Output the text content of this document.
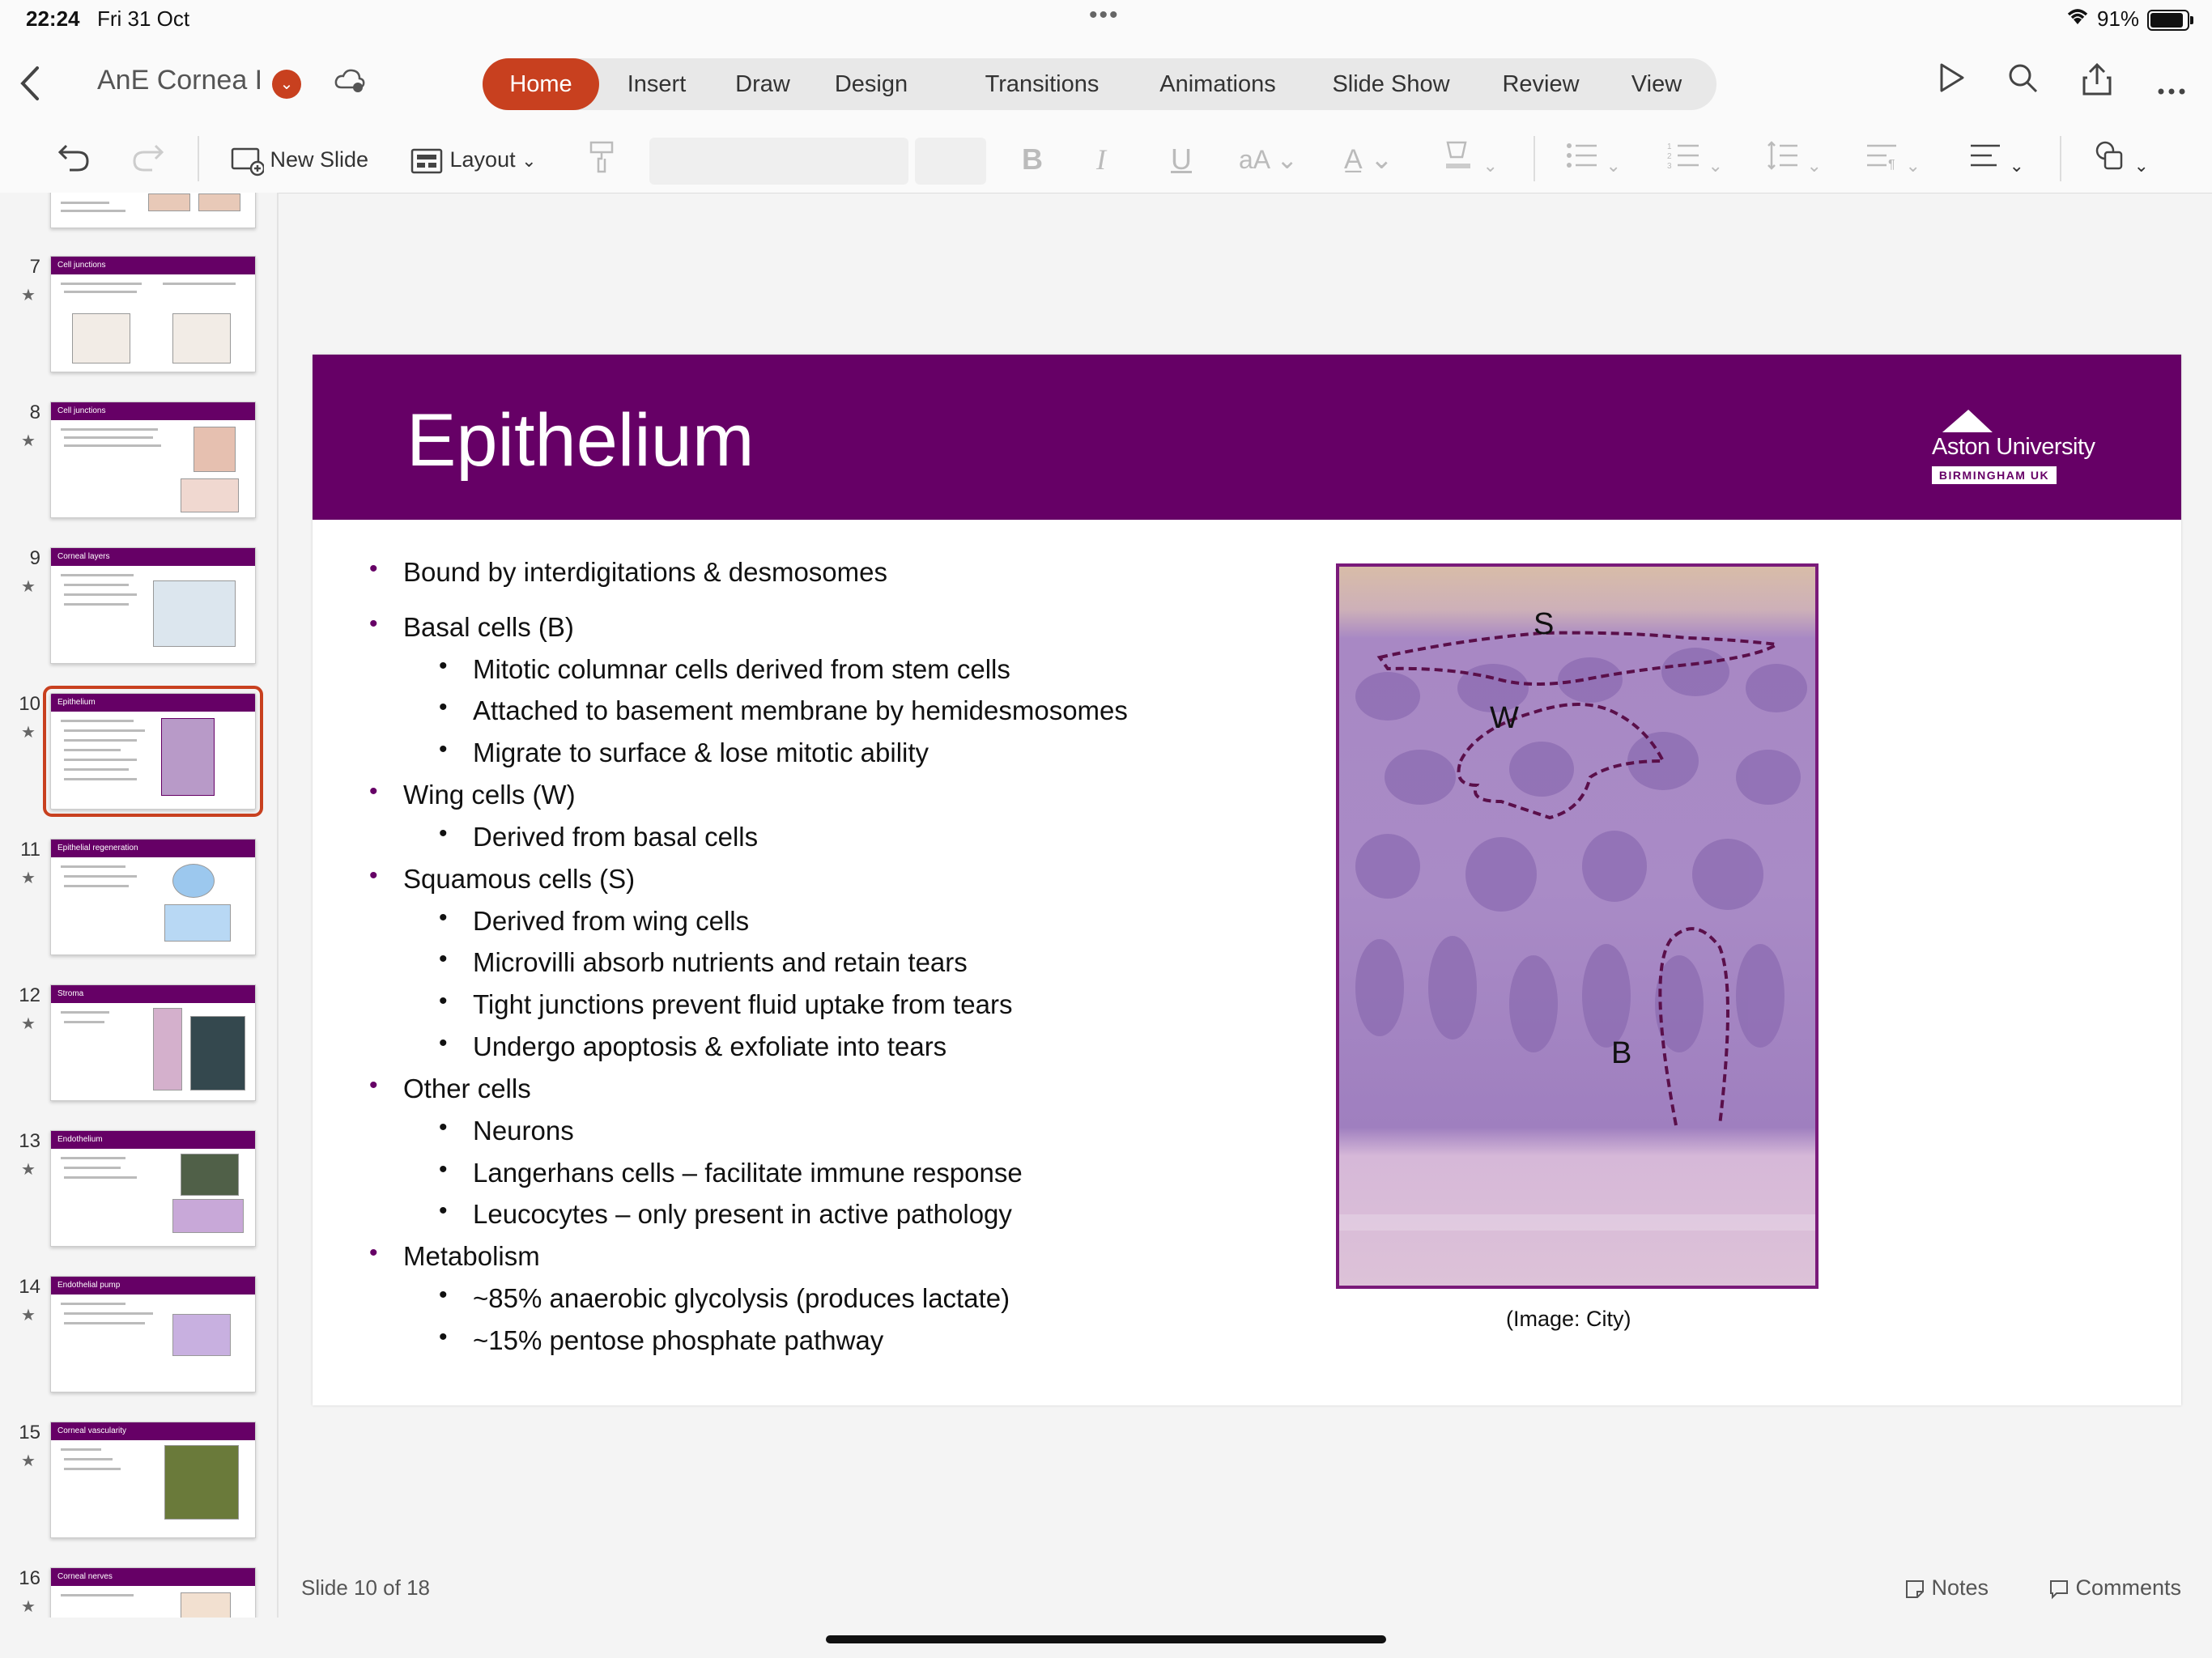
22:24 Fri 31 Oct	•••	91%
AnE Cornea I	⌄	Home	Insert	Draw	Design	Transitions	Animations	Slide Show	Review	View
New Slide	Layout ⌄	B I U aA ⌄ A̲ ⌄	⌄	⌄
1
2
3 ⌄	⌄	¶ ⌄	⌄	⌄
7
★
Cell junctions
8
★
Cell junctions
9
★
Corneal layers
10
★
Epithelium
11
★
Epithelial regeneration
12
★
Stroma
13
★
Endothelium
14
★
Endothelial pump
15
★
Corneal vascularity
16
★
Corneal nerves
Epithelium	Aston University
BIRMINGHAM UK
• Bound by interdigitations & desmosomes
• Basal cells (B)
• Mitotic columnar cells derived from stem cells
• Attached to basement membrane by hemidesmosomes
• Migrate to surface & lose mitotic ability
• Wing cells (W)
• Derived from basal cells
• Squamous cells (S)
• Derived from wing cells
• Microvilli absorb nutrients and retain tears
• Tight junctions prevent fluid uptake from tears
• Undergo apoptosis & exfoliate into tears
• Other cells
• Neurons
• Langerhans cells – facilitate immune response
• Leucocytes – only present in active pathology
• Metabolism
• ~85% anaerobic glycolysis (produces lactate)
• ~15% pentose phosphate pathway
S
W
B
(Image: City)
Slide 10 of 18	Notes	Comments
